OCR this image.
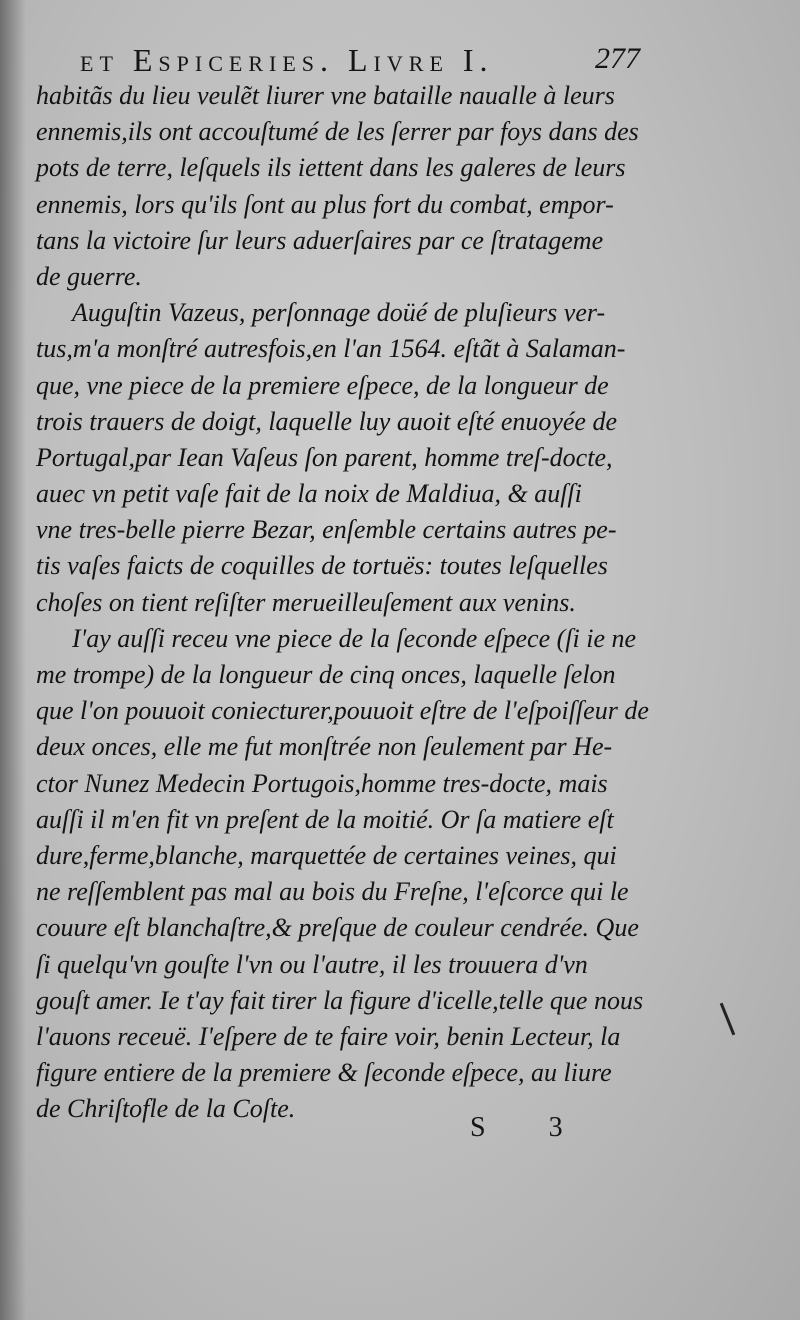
et Espiceries. Livre I.	277
habitãs du lieu veulẽt liurer vne bataille naualle à leurs
ennemis,ils ont accouſtumé de les ſerrer par foys dans des
pots de terre, leſquels ils iettent dans les galeres de leurs
ennemis, lors qu'ils ſont au plus fort du combat, empor-
tans la victoire ſur leurs aduerſaires par ce ſtratageme
de guerre.
Auguſtin Vazeus, perſonnage doüé de pluſieurs ver-
tus,m'a monſtré autresfois,en l'an 1564. eſtãt à Salaman-
que, vne piece de la premiere eſpece, de la longueur de
trois trauers de doigt, laquelle luy auoit eſté enuoyée de
Portugal,par Iean Vaſeus ſon parent, homme treſ-docte,
auec vn petit vaſe fait de la noix de Maldiua, & auſſi
vne tres-belle pierre Bezar, enſemble certains autres pe-
tis vaſes faicts de coquilles de tortuës: toutes leſquelles
choſes on tient reſiſter merueilleuſement aux venins.
I'ay auſſi receu vne piece de la ſeconde eſpece (ſi ie ne
me trompe) de la longueur de cinq onces, laquelle ſelon
que l'on pouuoit coniecturer,pouuoit eſtre de l'eſpoiſſeur de
deux onces, elle me fut monſtrée non ſeulement par He-
ctor Nunez Medecin Portugois,homme tres-docte, mais
auſſi il m'en fit vn preſent de la moitié. Or ſa matiere eſt
dure,ferme,blanche, marquettée de certaines veines, qui
ne reſſemblent pas mal au bois du Freſne, l'eſcorce qui le
couure eſt blanchaſtre,& preſque de couleur cendrée. Que
ſi quelqu'vn gouſte l'vn ou l'autre, il les trouuera d'vn
gouſt amer. Ie t'ay fait tirer la figure d'icelle,telle que nous
l'auons receuë. I'eſpere de te faire voir, benin Lecteur, la
figure entiere de la premiere & ſeconde eſpece, au liure
de Chriſtofle de la Coſte.
S 3
